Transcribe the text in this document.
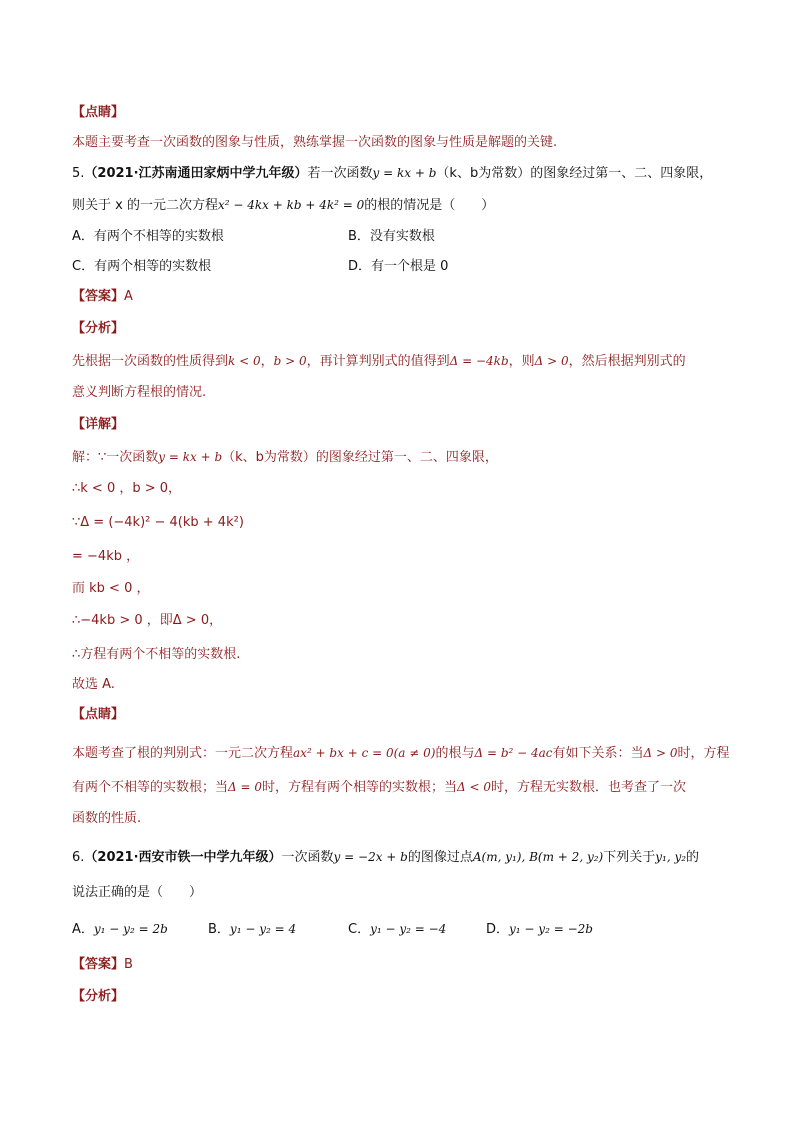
【点睛】
本题主要考查一次函数的图象与性质，熟练掌握一次函数的图象与性质是解题的关键.
5.（2021·江苏南通田家炳中学九年级）若一次函数y = kx + b（k、b为常数）的图象经过第一、二、四象限，
则关于 x 的一元二次方程x² − 4kx + kb + 4k² = 0的根的情况是（　　）
A．有两个不相等的实数根	B．没有实数根
C．有两个相等的实数根	D．有一个根是 0
【答案】A
【分析】
先根据一次函数的性质得到k < 0，b > 0，再计算判别式的值得到Δ = −4kb，则Δ > 0，然后根据判别式的
意义判断方程根的情况.
【详解】
解：∵一次函数y = kx + b（k、b为常数）的图象经过第一、二、四象限，
∴k < 0 ，b > 0，
∵Δ = (−4k)² − 4(kb + 4k²)
= −4kb ，
而 kb < 0 ，
∴−4kb > 0 ，即Δ > 0，
∴方程有两个不相等的实数根.
故选 A.
【点睛】
本题考查了根的判别式：一元二次方程ax² + bx + c = 0(a ≠ 0)的根与Δ = b² − 4ac有如下关系：当Δ > 0时，方程
有两个不相等的实数根；当Δ = 0时，方程有两个相等的实数根；当Δ < 0时，方程无实数根．也考查了一次
函数的性质.
6.（2021·西安市铁一中学九年级）一次函数y = −2x + b的图像过点A(m, y₁), B(m + 2, y₂)下列关于y₁, y₂的
说法正确的是（　　）
A．y₁ − y₂ = 2b	B．y₁ − y₂ = 4	C．y₁ − y₂ = −4	D．y₁ − y₂ = −2b
【答案】B
【分析】
